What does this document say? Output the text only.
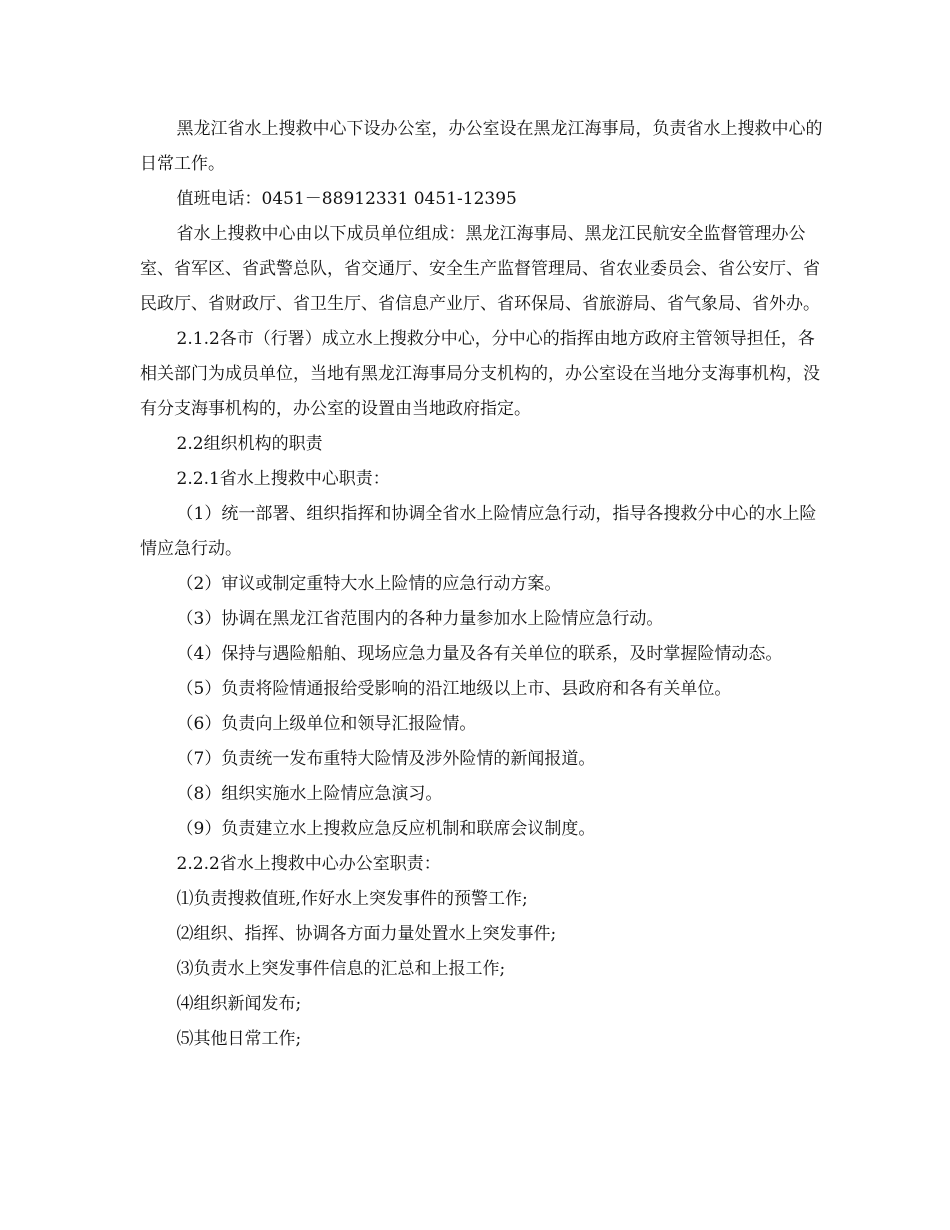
黑龙江省水上搜救中心下设办公室，办公室设在黑龙江海事局，负责省水上搜救中心的日常工作。

值班电话：0451－88912331 0451-12395

省水上搜救中心由以下成员单位组成：黑龙江海事局、黑龙江民航安全监督管理办公室、省军区、省武警总队，省交通厅、安全生产监督管理局、省农业委员会、省公安厅、省民政厅、省财政厅、省卫生厅、省信息产业厅、省环保局、省旅游局、省气象局、省外办。

2.1.2各市（行署）成立水上搜救分中心，分中心的指挥由地方政府主管领导担任，各相关部门为成员单位，当地有黑龙江海事局分支机构的，办公室设在当地分支海事机构，没有分支海事机构的，办公室的设置由当地政府指定。

2.2组织机构的职责

2.2.1省水上搜救中心职责：

（1）统一部署、组织指挥和协调全省水上险情应急行动，指导各搜救分中心的水上险情应急行动。

（2）审议或制定重特大水上险情的应急行动方案。

（3）协调在黑龙江省范围内的各种力量参加水上险情应急行动。

（4）保持与遇险船舶、现场应急力量及各有关单位的联系，及时掌握险情动态。

（5）负责将险情通报给受影响的沿江地级以上市、县政府和各有关单位。

（6）负责向上级单位和领导汇报险情。

（7）负责统一发布重特大险情及涉外险情的新闻报道。

（8）组织实施水上险情应急演习。

（9）负责建立水上搜救应急反应机制和联席会议制度。

2.2.2省水上搜救中心办公室职责：

⑴负责搜救值班,作好水上突发事件的预警工作;

⑵组织、指挥、协调各方面力量处置水上突发事件;

⑶负责水上突发事件信息的汇总和上报工作;

⑷组织新闻发布;

⑸其他日常工作;
